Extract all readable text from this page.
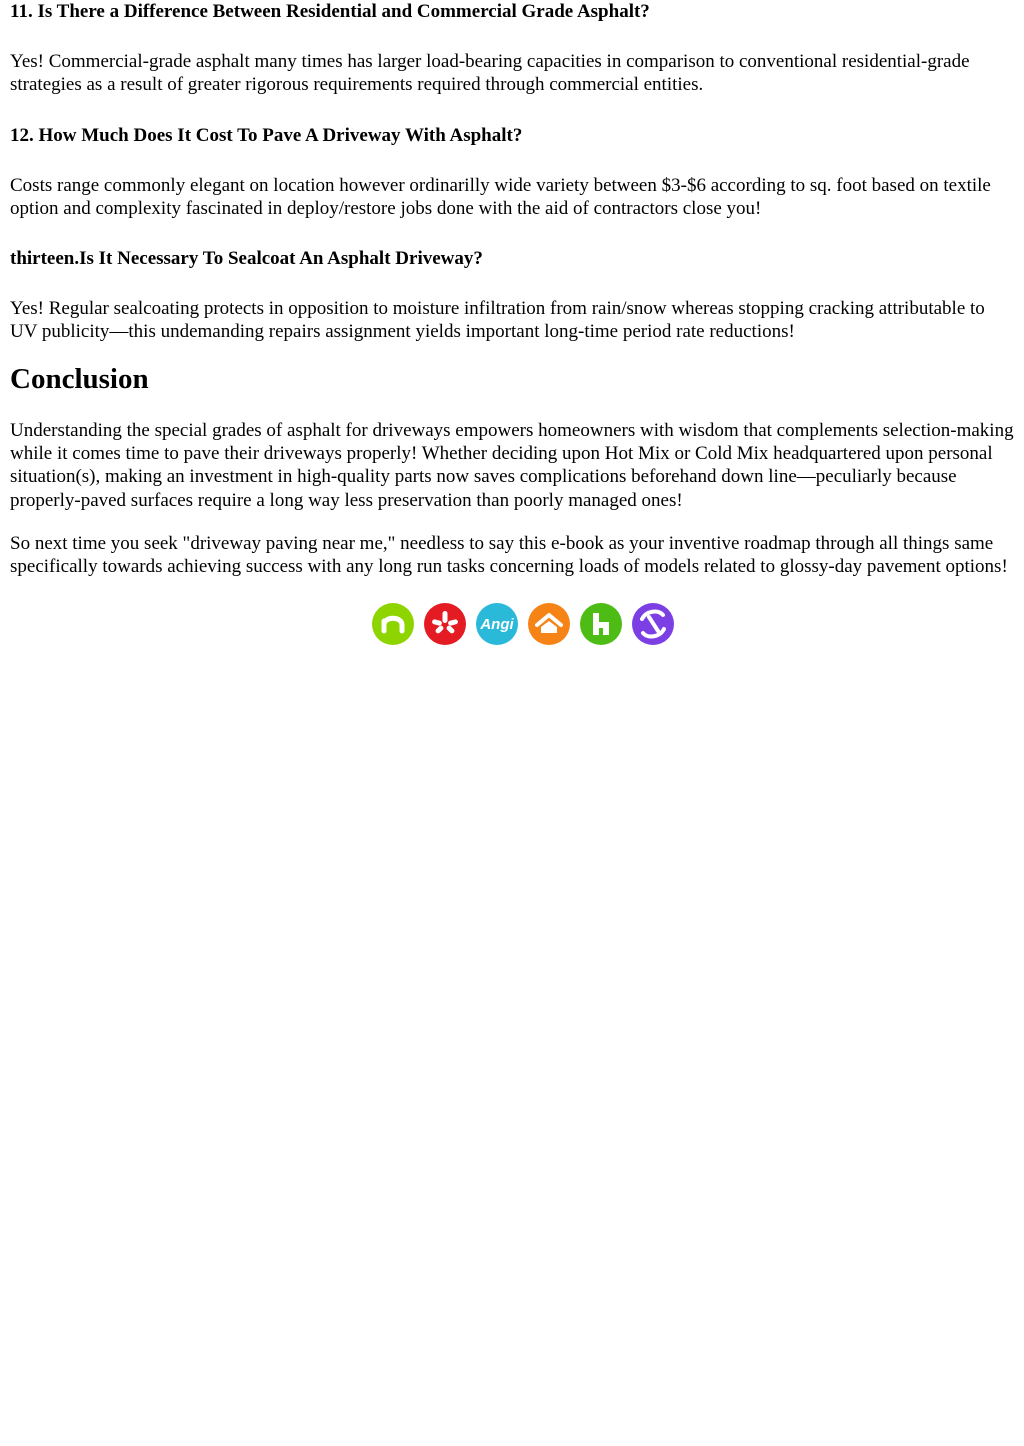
11. Is There a Difference Between Residential and Commercial Grade Asphalt?

Yes! Commercial-grade asphalt many times has larger load-bearing capacities in comparison to conventional residential-grade strategies as a result of greater rigorous requirements required through commercial entities.

12. How Much Does It Cost To Pave A Driveway With Asphalt?

Costs range commonly elegant on location however ordinarilly wide variety between $3-$6 according to sq. foot based on textile option and complexity fascinated in deploy/restore jobs done with the aid of contractors close you!

thirteen.Is It Necessary To Sealcoat An Asphalt Driveway?

Yes! Regular sealcoating protects in opposition to moisture infiltration from rain/snow whereas stopping cracking attributable to UV publicity—this undemanding repairs assignment yields important long-time period rate reductions!

Conclusion

Understanding the special grades of asphalt for driveways empowers homeowners with wisdom that complements selection-making while it comes time to pave their driveways properly! Whether deciding upon Hot Mix or Cold Mix headquartered upon personal situation(s), making an investment in high-quality parts now saves complications beforehand down line—peculiarly because properly-paved surfaces require a long way less preservation than poorly managed ones!

So next time you seek "driveway paving near me," needless to say this e-book as your inventive roadmap through all things same specifically towards achieving success with any long run tasks concerning loads of models related to glossy-day pavement options!

Angi
